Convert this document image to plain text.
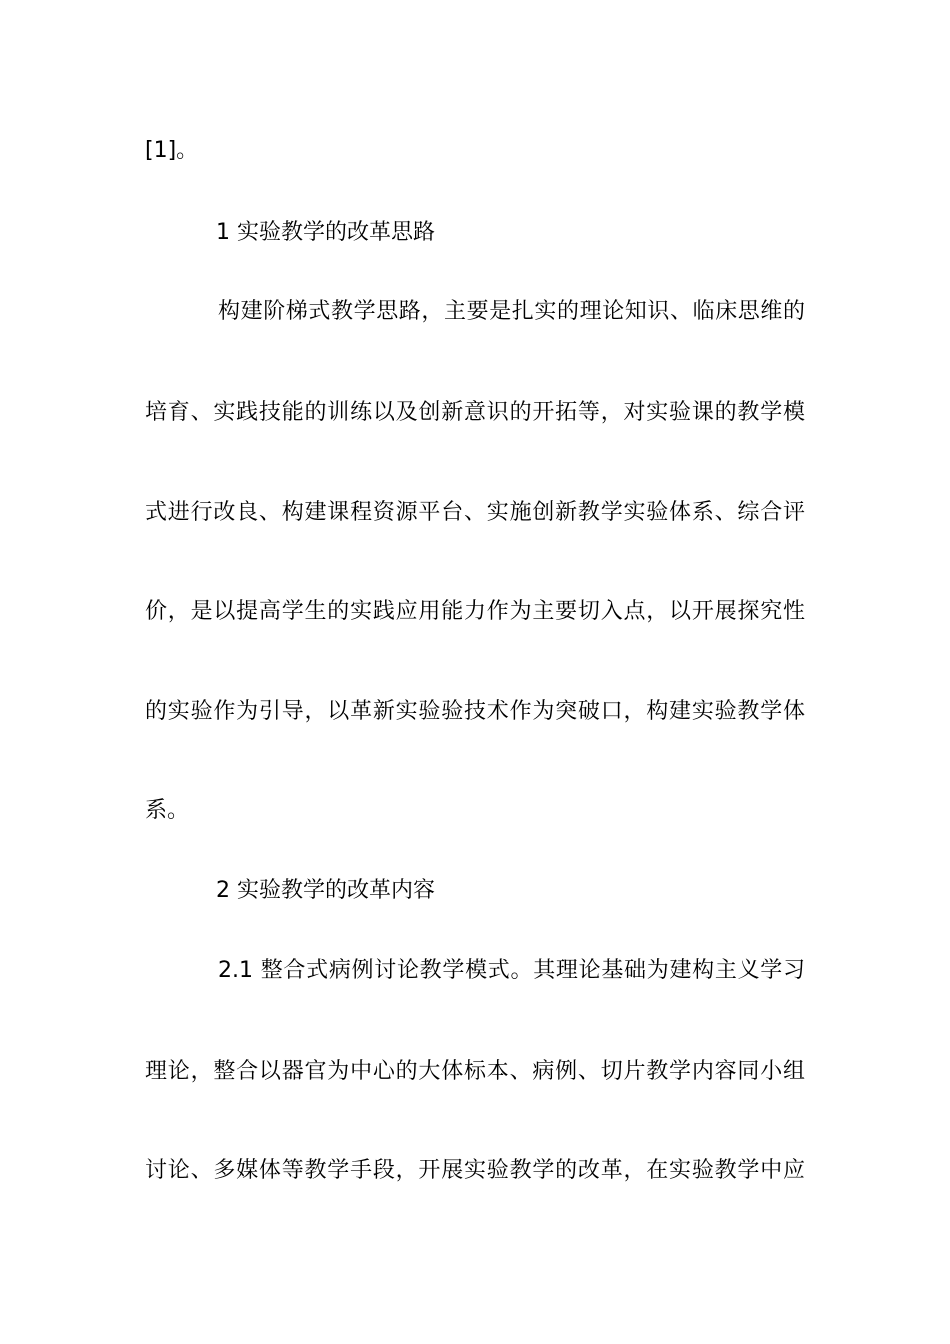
[1]。
1 实验教学的改革思路
构建阶梯式教学思路，主要是扎实的理论知识、临床思维的
培育、实践技能的训练以及创新意识的开拓等，对实验课的教学模
式进行改良、构建课程资源平台、实施创新教学实验体系、综合评
价，是以提高学生的实践应用能力作为主要切入点，以开展探究性
的实验作为引导，以革新实验验技术作为突破口，构建实验教学体
系。
2 实验教学的改革内容
2.1 整合式病例讨论教学模式。其理论基础为建构主义学习
理论，整合以器官为中心的大体标本、病例、切片教学内容同小组
讨论、多媒体等教学手段，开展实验教学的改革，在实验教学中应
